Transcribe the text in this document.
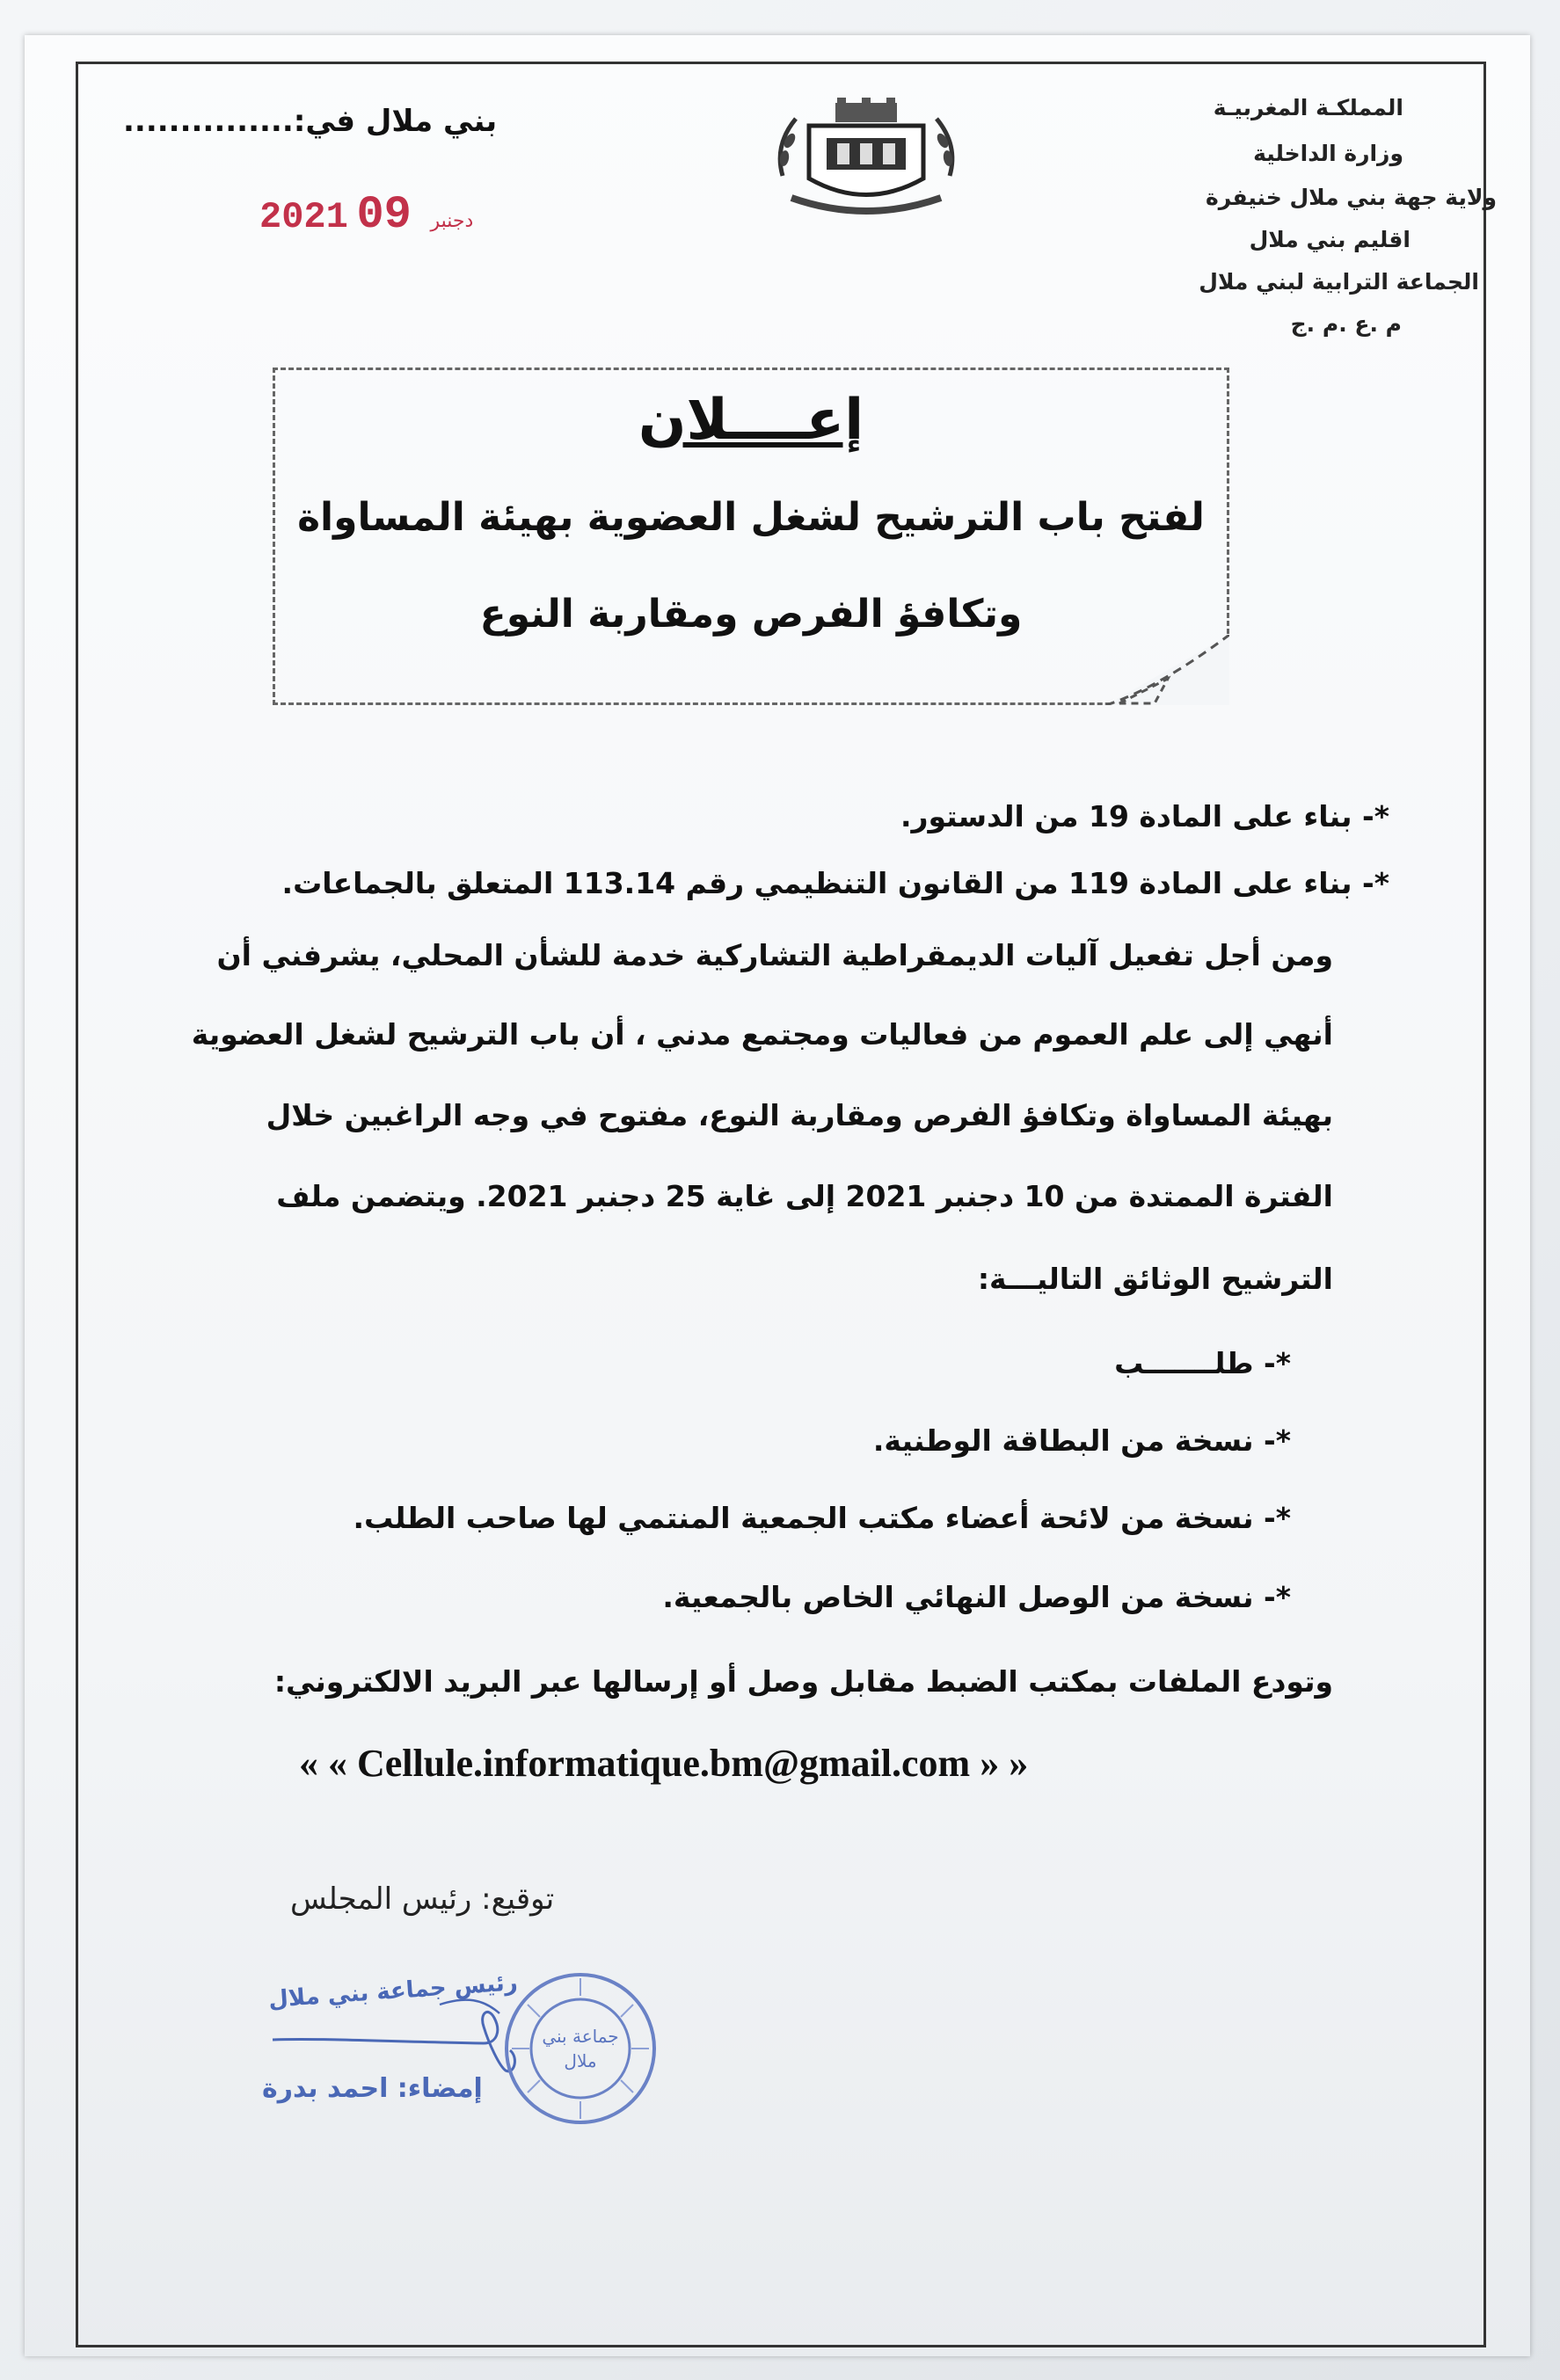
المملكـة المغربيـة
وزارة الداخلية
ولاية جهة بني ملال خنيفرة
اقليم بني ملال
الجماعة الترابية لبني ملال
م .ع .م .ج
بني ملال في:...............
2021	دجنبر 09
إعــــلان
لفتح باب الترشيح لشغل العضوية بهيئة المساواة
وتكافؤ الفرص ومقاربة النوع
*- بناء على المادة 19 من الدستور.
*- بناء على المادة 119 من القانون التنظيمي رقم 113.14 المتعلق بالجماعات.
ومن أجل تفعيل آليات الديمقراطية التشاركية خدمة للشأن المحلي، يشرفني أن
أنهي إلى علم العموم من فعاليات ومجتمع مدني ، أن باب الترشيح لشغل العضوية
بهيئة المساواة وتكافؤ الفرص ومقاربة النوع، مفتوح في وجه الراغبين خلال
الفترة الممتدة من 10 دجنبر 2021 إلى غاية 25 دجنبر 2021. ويتضمن ملف
الترشيح الوثائق التاليـــة:
*- طلـــــــب
*- نسخة من البطاقة الوطنية.
*- نسخة من لائحة أعضاء مكتب الجمعية المنتمي لها صاحب الطلب.
*- نسخة من الوصل النهائي الخاص بالجمعية.
وتودع الملفات بمكتب الضبط مقابل وصل أو إرسالها عبر البريد الالكتروني:
« « Cellule.informatique.bm@gmail.com » »
توقيع: رئيس المجلس
رئيس جماعة بني ملال
إمضاء: احمد بدرة
جماعة بني ملال
